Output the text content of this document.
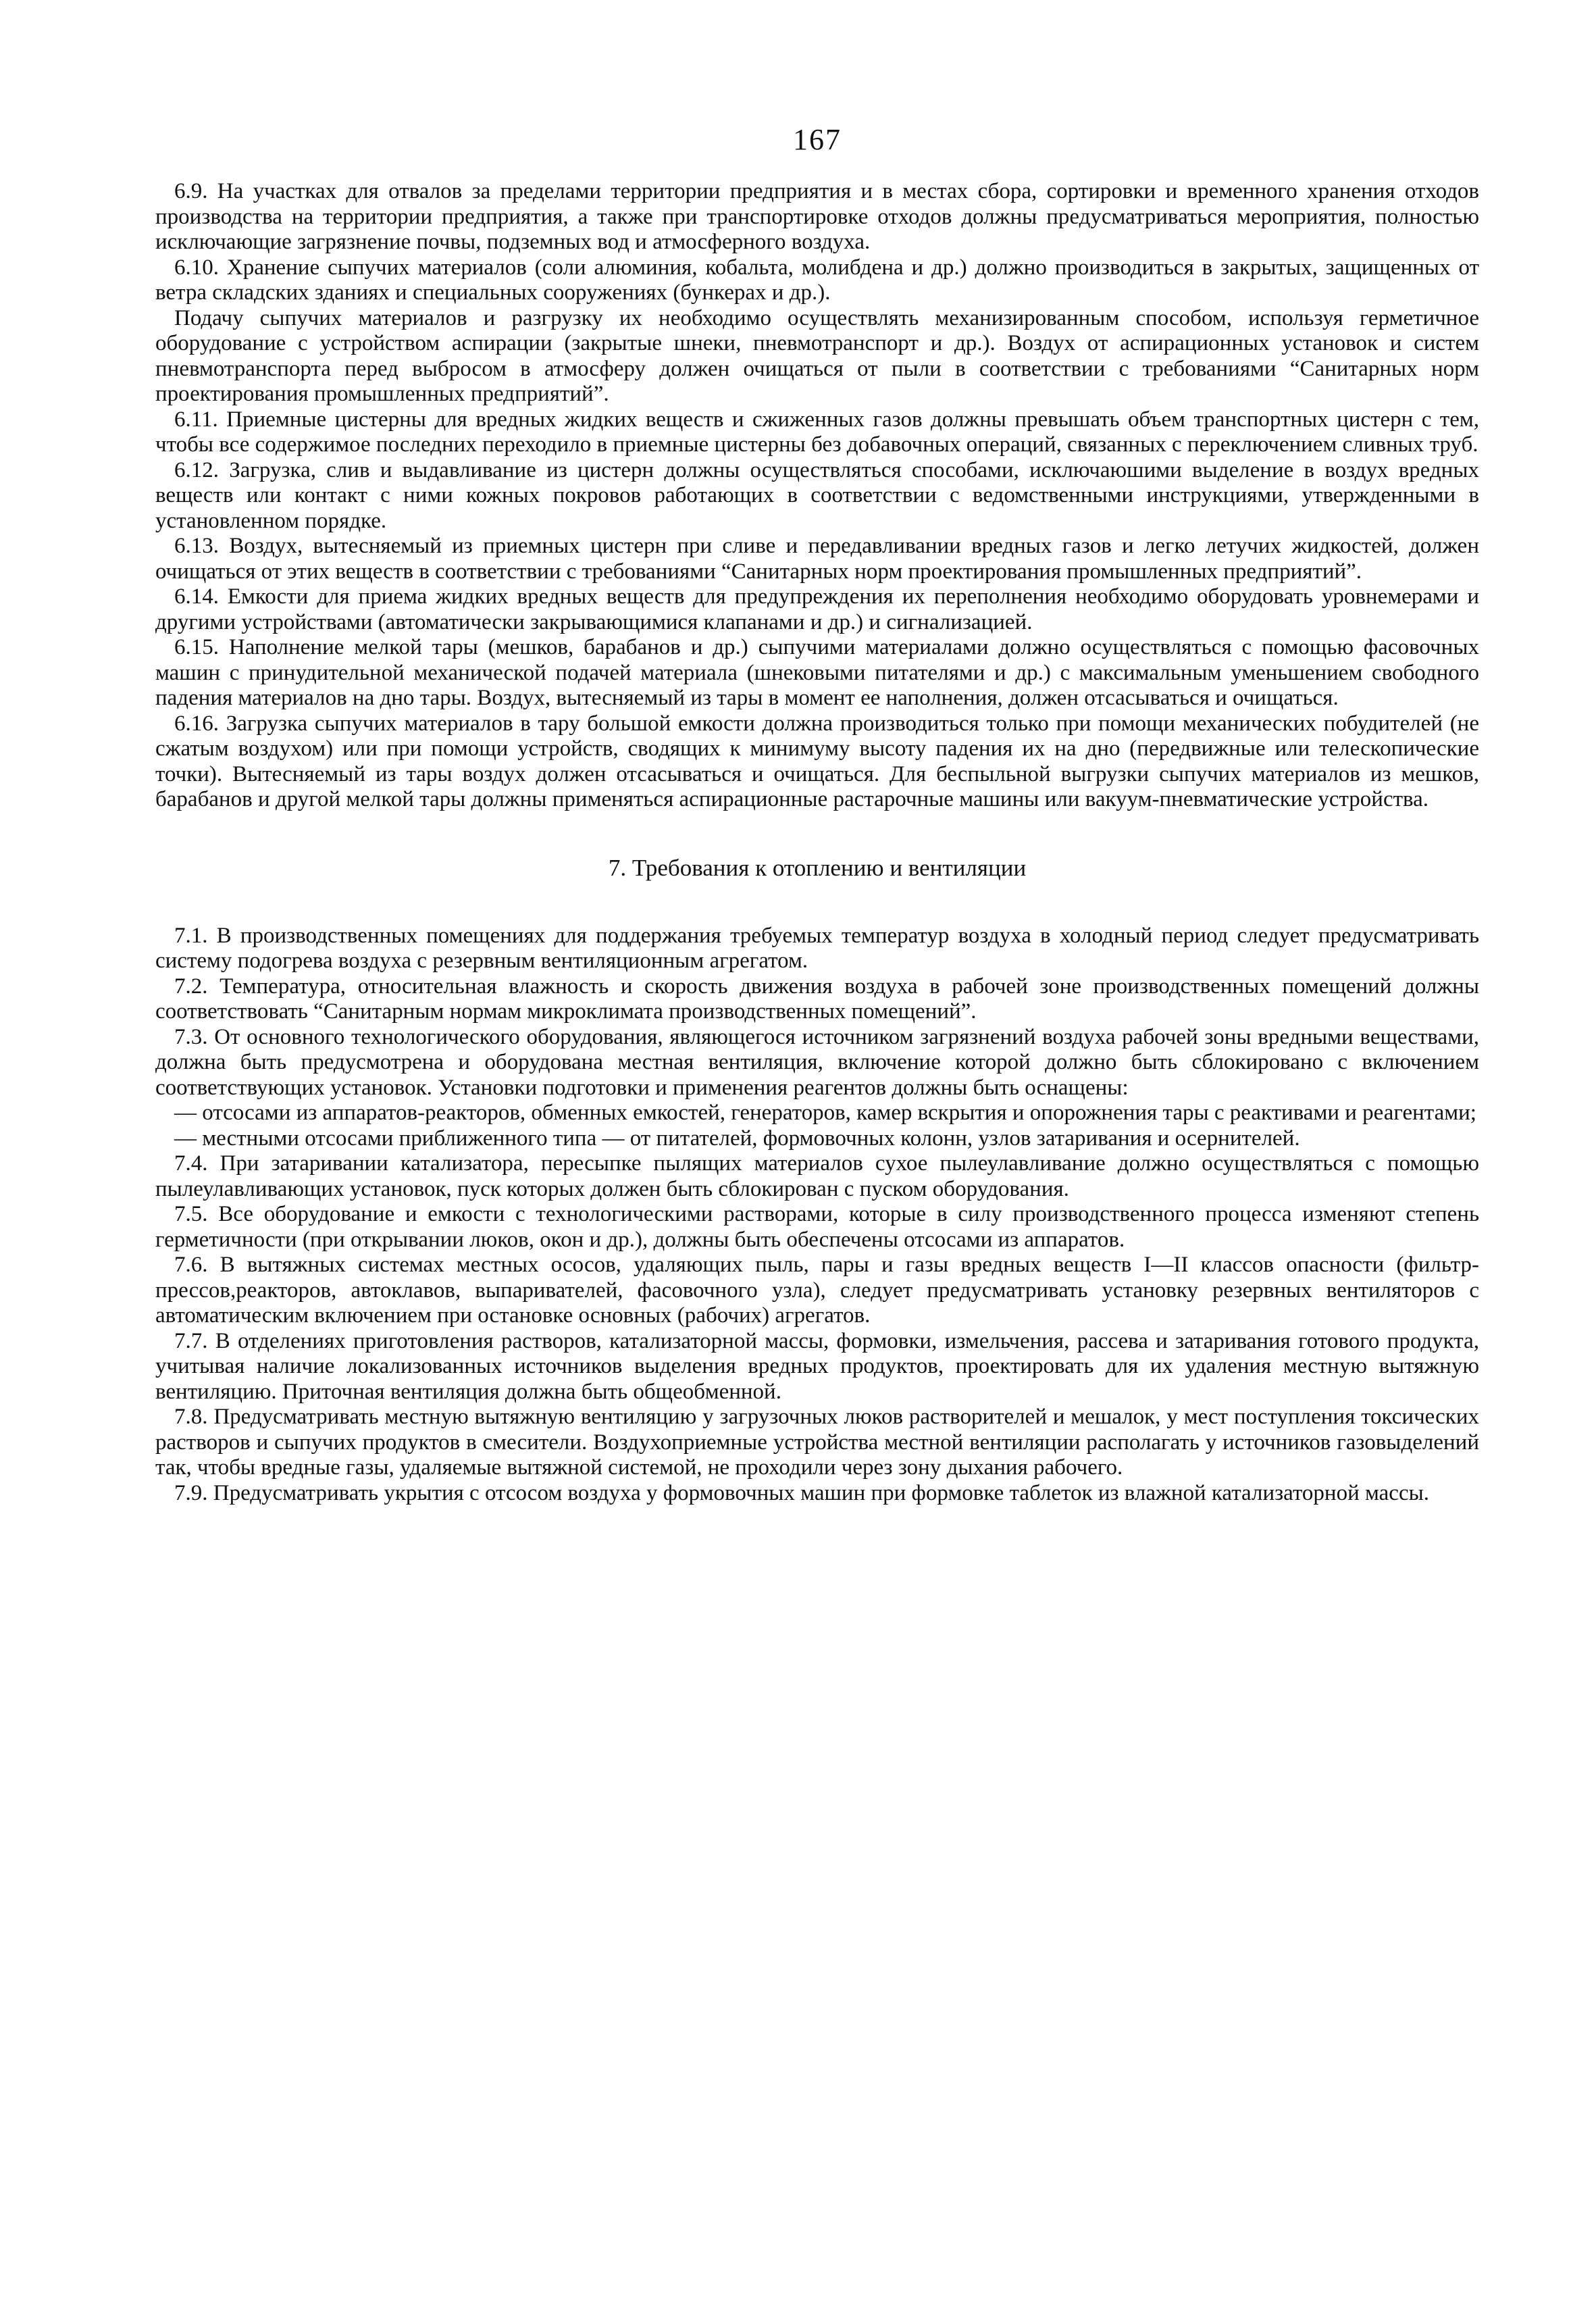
167

6.9. На участках для отвалов за пределами территории предприятия и в местах сбора, сортировки и временного хранения отходов производства на территории предприятия, а также при транспортировке отходов должны предусматриваться мероприятия, полностью исключающие загрязнение почвы, подземных вод и атмосферного воздуха.

6.10. Хранение сыпучих материалов (соли алюминия, кобальта, молибдена и др.) должно производиться в закрытых, защищенных от ветра складских зданиях и специальных сооружениях (бункерах и др.).

Подачу сыпучих материалов и разгрузку их необходимо осуществлять механизированным способом, используя герметичное оборудование с устройством аспирации (закрытые шнеки, пневмотранспорт и др.). Воздух от аспирационных установок и систем пневмотранспорта перед выбросом в атмосферу должен очищаться от пыли в соответствии с требованиями “Санитарных норм проектирования промышленных предприятий”.

6.11. Приемные цистерны для вредных жидких веществ и сжиженных газов должны превышать объем транспортных цистерн с тем, чтобы все содержимое последних переходило в приемные цистерны без добавочных операций, связанных с переключением сливных труб.

6.12. Загрузка, слив и выдавливание из цистерн должны осуществляться способами, исключаюшими выделение в воздух вредных веществ или контакт с ними кожных покровов работающих в соответствии с ведомственными инструкциями, утвержденными в установленном порядке.

6.13. Воздух, вытесняемый из приемных цистерн при сливе и передавливании вредных газов и легко летучих жидкостей, должен очищаться от этих веществ в соответствии с требованиями “Санитарных норм проектирования промышленных предприятий”.

6.14. Емкости для приема жидких вредных веществ для предупреждения их переполнения необходимо оборудовать уровнемерами и другими устройствами (автоматически закрывающимися клапанами и др.) и сигнализацией.

6.15. Наполнение мелкой тары (мешков, барабанов и др.) сыпучими материалами должно осуществляться с помощью фасовочных машин с принудительной механической подачей материала (шнековыми питателями и др.) с максимальным уменьшением свободного падения материалов на дно тары. Воздух, вытесняемый из тары в момент ее наполнения, должен отсасываться и очищаться.

6.16. Загрузка сыпучих материалов в тару большой емкости должна производиться только при помощи механических побудителей (не сжатым воздухом) или при помощи устройств, сводящих к минимуму высоту падения их на дно (передвижные или телескопические точки). Вытесняемый из тары воздух должен отсасываться и очищаться. Для беспыльной выгрузки сыпучих материалов из мешков, барабанов и другой мелкой тары должны применяться аспирационные растарочные машины или вакуум-пневматические устройства.

7. Требования к отоплению и вентиляции

7.1. В производственных помещениях для поддержания требуемых температур воздуха в холодный период следует предусматривать систему подогрева воздуха с резервным вентиляционным агрегатом.

7.2. Температура, относительная влажность и скорость движения воздуха в рабочей зоне производственных помещений должны соответствовать “Санитарным нормам микроклимата производственных помещений”.

7.3. От основного технологического оборудования, являющегося источником загрязнений воздуха рабочей зоны вредными веществами, должна быть предусмотрена и оборудована местная вентиляция, включение которой должно быть сблокировано с включением соответствующих установок. Установки подготовки и применения реагентов должны быть оснащены:

— отсосами из аппаратов-реакторов, обменных емкостей, генераторов, камер вскрытия и опорожнения тары с реактивами и реагентами;

— местными отсосами приближенного типа — от питателей, формовочных колонн, узлов затаривания и осернителей.

7.4. При затаривании катализатора, пересыпке пылящих материалов сухое пылеулавливание должно осуществляться с помощью пылеулавливающих установок, пуск которых должен быть сблокирован с пуском оборудования.

7.5. Все оборудование и емкости с технологическими растворами, которые в силу производственного процесса изменяют степень герметичности (при открывании люков, окон и др.), должны быть обеспечены отсосами из аппаратов.

7.6. В вытяжных системах местных ососов, удаляющих пыль, пары и газы вредных веществ I—II классов опасности (фильтр-прессов,реакторов, автоклавов, выпаривателей, фасовочного узла), следует предусматривать установку резервных вентиляторов с автоматическим включением при остановке основных (рабочих) агрегатов.

7.7. В отделениях приготовления растворов, катализаторной массы, формовки, измельчения, рассева и затаривания готового продукта, учитывая наличие локализованных источников выделения вредных продуктов, проектировать для их удаления местную вытяжную вентиляцию. Приточная вентиляция должна быть общеобменной.

7.8. Предусматривать местную вытяжную вентиляцию у загрузочных люков растворителей и мешалок, у мест поступления токсических растворов и сыпучих продуктов в смесители. Воздухоприемные устройства местной вентиляции располагать у источников газовыделений так, чтобы вредные газы, удаляемые вытяжной системой, не проходили через зону дыхания рабочего.

7.9. Предусматривать укрытия с отсосом воздуха у формовочных машин при формовке таблеток из влажной катализаторной массы.
